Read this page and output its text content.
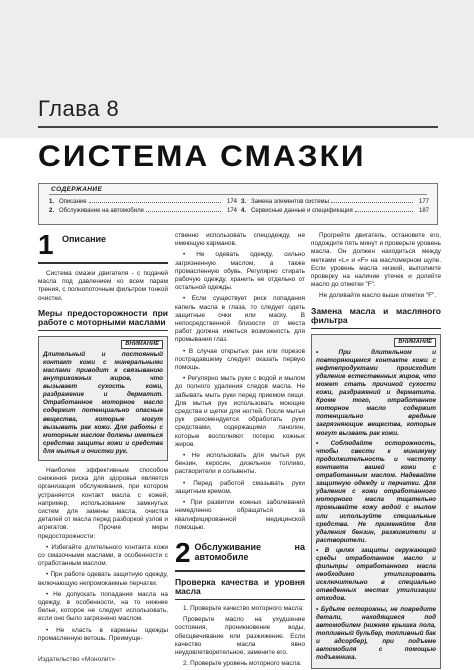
Глава 8
СИСТЕМА СМАЗКИ
СОДЕРЖАНИЕ
1. Описание	174
2. Обслуживание на автомобиле	174
3. Замена элементов системы	177
4. Сервисные данные и спецификация	187
1 Описание
Система смазки двигателя - с подачей масла под давлением ко всем парам трения, с полнопоточным фильтром тонкой очистки.
Меры предосторожности при работе с моторными маслами
ВНИМАНИЕ
Длительный и постоянный контакт кожи с минеральными маслами приводит к связыванию внутрикожных жиров, что вызывает сухость кожи, раздражение и дерматит. Отработанное моторное масло содержит потенциально опасные вещества, которые могут вызывать рак кожи. Для работы с моторным маслом должны иметься средства защиты кожи и средства для мытья и очистки рук.
Наиболее эффективным способом снижения риска для здоровья является организация обслуживания, при котором устраняется контакт масла с кожей, например, использование замкнутых систем для замены масла, очистка деталей от масла перед разборкой узлов и агрегатов. Прочие меры предосторожности:
• Избегайте длительного контакта кожи со смазочными маслами, в особенности с отработанным маслом.
• При работе одевать защитную одежду, включающую непромокаемые перчатки.
• Не допускать попадания масла на одежду, в особенности, на то нижнее белье, которое не следует использовать, если оно было загрязнено маслом.
• Не класть в карманы одежды промасленную ветошь. Преимуще-
ственно использовать спецодежду, не имеющую карманов.
• Не одевать одежду, сильно загрязненную маслом, а также промасленную обувь. Регулярно стирать рабочую одежду, хранить ее отдельно от остальной одежды.
• Если существует риск попадания капель масла в глаза, то следует одеть защитные очки или маску. В непосредственной близости от места работ должна иметься возможность для промывания глаз.
• В случае открытых ран или порезов пострадавшему следует оказать первую помощь.
• Регулярно мыть руки с водой и мылом до полного удаления следов масла. Не забывать мыть руки перед приемом пищи. Для мытья рук использовать моющие средства и щетки для ногтей. После мытья рук рекомендуется обработать руки средствами, содержащими ланолин, которые восполняют потерю кожных жиров.
• Не использовать для мытья рук бензин, керосин, дизельное топливо, растворители и сольвенты.
• Перед работой смазывать руки защитным кремом.
• При развитии кожных заболеваний немедленно обращаться за квалифицированной медицинской помощью.
2 Обслуживание на автомобиле
Проверка качества и уровня масла
1. Проверьте качество моторного масла:
Проверьте масло на ухудшение состояния, проникновение воды, обесцвечивание или разжижение. Если качество масла явно неудовлетворительное, замените его.
2. Проверьте уровень моторного масла:
Прогрейте двигатель, остановите его, подождите пять минут и проверьте уровень масла. Он должен находиться между метками «L» и «F» на масломерном щупе. Если уровень масла низкий, выполните проверку на наличие утечек и долейте масло до отметки "F".
Не доливайте масло выше отметки "F".
Замена масла и масляного фильтра
ВНИМАНИЕ
• При длительном и повторяющемся контакте кожи с нефтепродуктами происходит удаление естественных жиров, что может стать причиной сухости кожи, раздражений и дерматита. Кроме того, отработанное моторное масло содержит потенциально вредные загрязняющие вещества, которые могут вызвать рак кожи.
• Соблюдайте осторожность, чтобы свести к минимуму продолжительность и частоту контакта вашей кожи с отработанным маслом. Надевайте защитную одежду и перчатки. Для удаления с кожи отработанного моторного масла тщательно промывайте кожу водой с мылом или используйте специальные средства. Не применяйте для удаления бензин, разжижители и растворители.
• В целях защиты окружающей среды отработанное масло и фильтры отработанного масла необходимо утилизировать исключительно в специально отведенных местах утилизации отходов.
• Будьте осторожны, не повредите детали, находящиеся под автомобилем (нижняя крышка пола, топливный бульбер, топливный бак и адсорбер), при подъеме автомобиля с помощью подъемника.
Издательство «Монолит»
